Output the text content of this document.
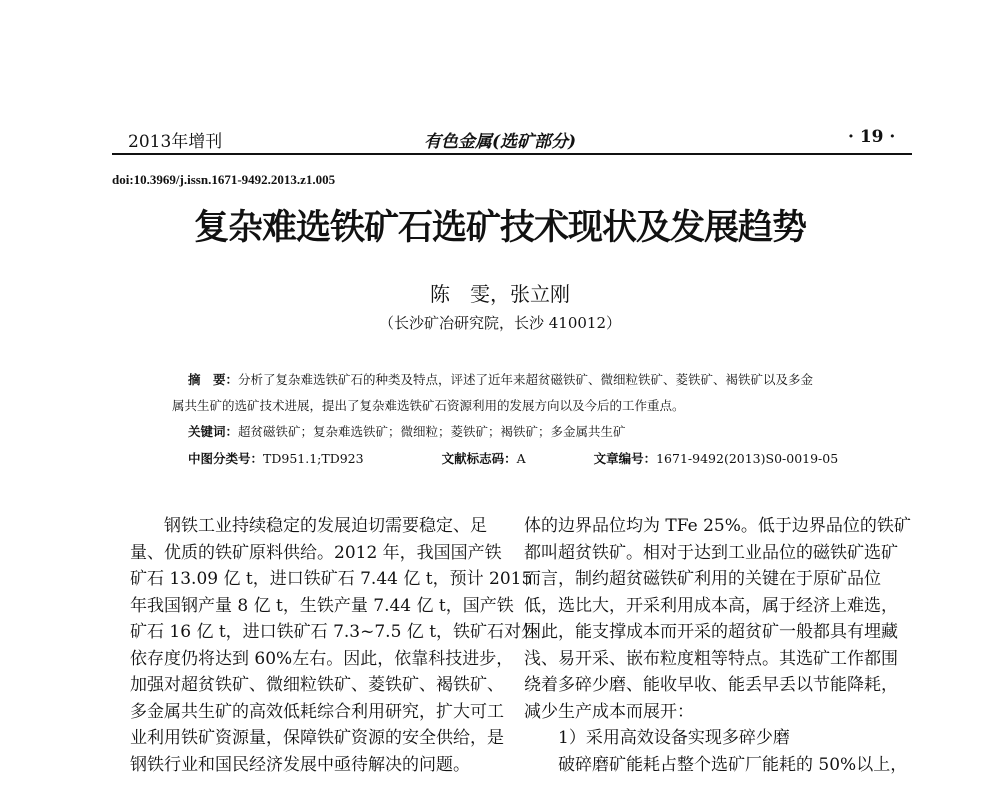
2013年增刊	有色金属(选矿部分)	· 19 ·
doi:10.3969/j.issn.1671-9492.2013.z1.005
复杂难选铁矿石选矿技术现状及发展趋势
陈　雯，张立刚
（长沙矿冶研究院，长沙 410012）
摘　要：分析了复杂难选铁矿石的种类及特点，评述了近年来超贫磁铁矿、微细粒铁矿、菱铁矿、褐铁矿以及多金
属共生矿的选矿技术进展，提出了复杂难选铁矿石资源利用的发展方向以及今后的工作重点。
关键词：超贫磁铁矿；复杂难选铁矿；微细粒；菱铁矿；褐铁矿；多金属共生矿
中图分类号：TD951.1;TD923	文献标志码：A	文章编号：1671-9492(2013)S0-0019-05
钢铁工业持续稳定的发展迫切需要稳定、足
量、优质的铁矿原料供给。2012 年，我国国产铁
矿石 13.09 亿 t，进口铁矿石 7.44 亿 t，预计 2015
年我国钢产量 8 亿 t，生铁产量 7.44 亿 t，国产铁
矿石 16 亿 t，进口铁矿石 7.3~7.5 亿 t，铁矿石对外
依存度仍将达到 60%左右。因此，依靠科技进步，
加强对超贫铁矿、微细粒铁矿、菱铁矿、褐铁矿、
多金属共生矿的高效低耗综合利用研究，扩大可工
业利用铁矿资源量，保障铁矿资源的安全供给，是
钢铁行业和国民经济发展中亟待解决的问题。
体的边界品位均为 TFe 25%。低于边界品位的铁矿
都叫超贫铁矿。相对于达到工业品位的磁铁矿选矿
而言，制约超贫磁铁矿利用的关键在于原矿品位
低，选比大，开采利用成本高，属于经济上难选，
因此，能支撑成本而开采的超贫矿一般都具有埋藏
浅、易开采、嵌布粒度粗等特点。其选矿工作都围
绕着多碎少磨、能收早收、能丢早丢以节能降耗，
减少生产成本而展开：
1）采用高效设备实现多碎少磨
破碎磨矿能耗占整个选矿厂能耗的 50%以上，
